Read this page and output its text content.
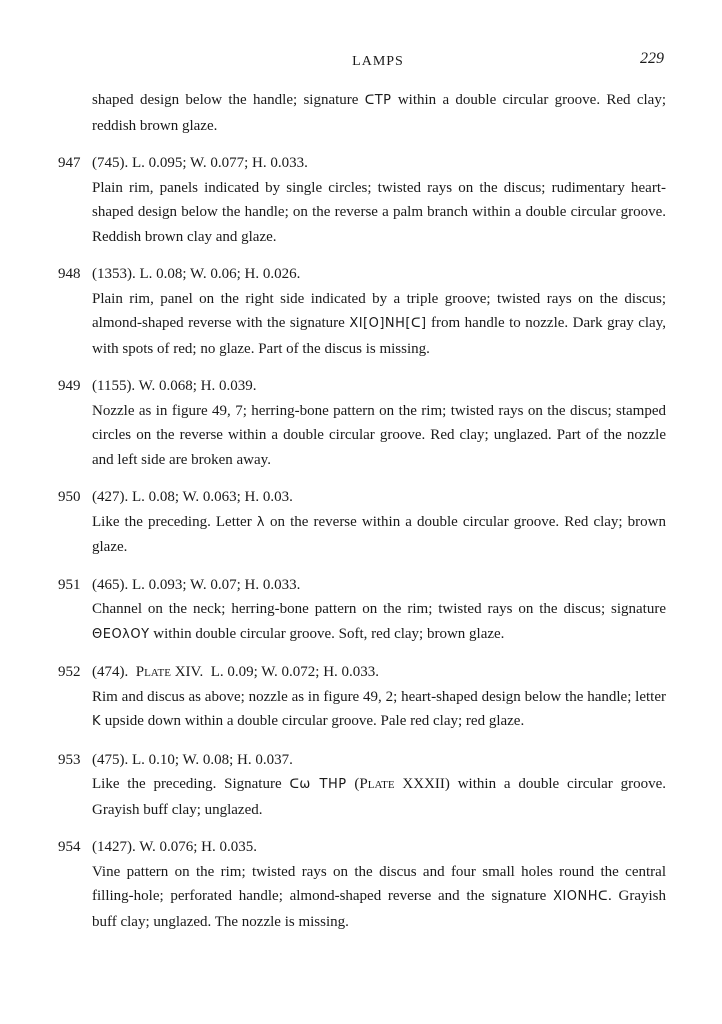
LAMPS	229
shaped design below the handle; signature ᑕTP within a double circular groove. Red clay; reddish brown glaze.
947 (745). L. 0.095; W. 0.077; H. 0.033.
Plain rim, panels indicated by single circles; twisted rays on the discus; rudimentary heart-shaped design below the handle; on the reverse a palm branch within a double circular groove. Reddish brown clay and glaze.
948 (1353). L. 0.08; W. 0.06; H. 0.026.
Plain rim, panel on the right side indicated by a triple groove; twisted rays on the discus; almond-shaped reverse with the signature XI[O]NH[ᑕ] from handle to nozzle. Dark gray clay, with spots of red; no glaze. Part of the discus is missing.
949 (1155). W. 0.068; H. 0.039.
Nozzle as in figure 49, 7; herring-bone pattern on the rim; twisted rays on the discus; stamped circles on the reverse within a double circular groove. Red clay; unglazed. Part of the nozzle and left side are broken away.
950 (427). L. 0.08; W. 0.063; H. 0.03.
Like the preceding. Letter λ on the reverse within a double circular groove. Red clay; brown glaze.
951 (465). L. 0.093; W. 0.07; H. 0.033.
Channel on the neck; herring-bone pattern on the rim; twisted rays on the discus; signature ΘΕΟλΟΥ within double circular groove. Soft, red clay; brown glaze.
952 (474).  Plate XIV.  L. 0.09; W. 0.072; H. 0.033.
Rim and discus as above; nozzle as in figure 49, 2; heart-shaped design below the handle; letter K upside down within a double circular groove. Pale red clay; red glaze.
953 (475). L. 0.10; W. 0.08; H. 0.037.
Like the preceding. Signature ᑕω THP (Plate XXXII) within a double circular groove. Grayish buff clay; unglazed.
954 (1427). W. 0.076; H. 0.035.
Vine pattern on the rim; twisted rays on the discus and four small holes round the central filling-hole; perforated handle; almond-shaped reverse and the signature XIONHᑕ. Grayish buff clay; unglazed. The nozzle is missing.
